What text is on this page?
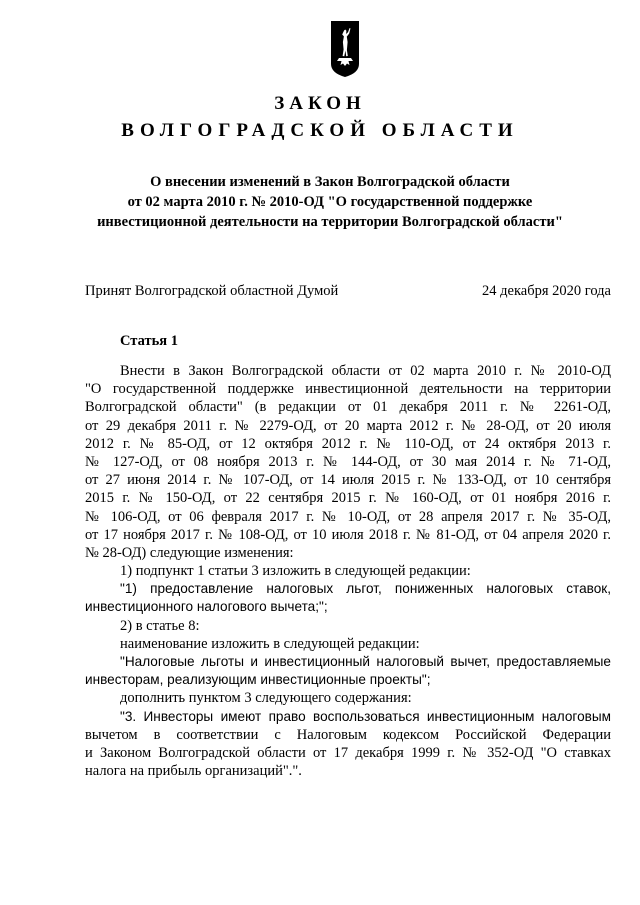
ЗАКОН
ВОЛГОГРАДСКОЙ ОБЛАСТИ
О внесении изменений в Закон Волгоградской области
от 02 марта 2010 г. № 2010-ОД "О государственной поддержке
инвестиционной деятельности на территории Волгоградской области"
Принят Волгоградской областной Думой	24 декабря 2020 года
Статья 1
Внести в Закон Волгоградской области от 02 марта 2010 г. № 2010-ОД
"О государственной поддержке инвестиционной деятельности на территории
Волгоградской области" (в редакции от 01 декабря 2011 г. № 2261-ОД,
от 29 декабря 2011 г. № 2279-ОД, от 20 марта 2012 г. № 28-ОД, от 20 июля
2012 г. № 85-ОД, от 12 октября 2012 г. № 110-ОД, от 24 октября 2013 г.
№ 127-ОД, от 08 ноября 2013 г. № 144-ОД, от 30 мая 2014 г. № 71-ОД,
от 27 июня 2014 г. № 107-ОД, от 14 июля 2015 г. № 133-ОД, от 10 сентября
2015 г. № 150-ОД, от 22 сентября 2015 г. № 160-ОД, от 01 ноября 2016 г.
№ 106-ОД, от 06 февраля 2017 г. № 10-ОД, от 28 апреля 2017 г. № 35-ОД,
от 17 ноября 2017 г. № 108-ОД, от 10 июля 2018 г. № 81-ОД, от 04 апреля 2020 г.
№ 28-ОД) следующие изменения:
1) подпункт 1 статьи 3 изложить в следующей редакции:
"1) предоставление налоговых льгот, пониженных налоговых ставок,
инвестиционного налогового вычета;";
2) в статье 8:
наименование изложить в следующей редакции:
"Налоговые льготы и инвестиционный налоговый вычет, предоставляемые
инвесторам, реализующим инвестиционные проекты";
дополнить пунктом 3 следующего содержания:
"3. Инвесторы имеют право воспользоваться инвестиционным налоговым
вычетом в соответствии с Налоговым кодексом Российской Федерации
и Законом Волгоградской области от 17 декабря 1999 г. № 352-ОД "О ставках
налога на прибыль организаций".".
